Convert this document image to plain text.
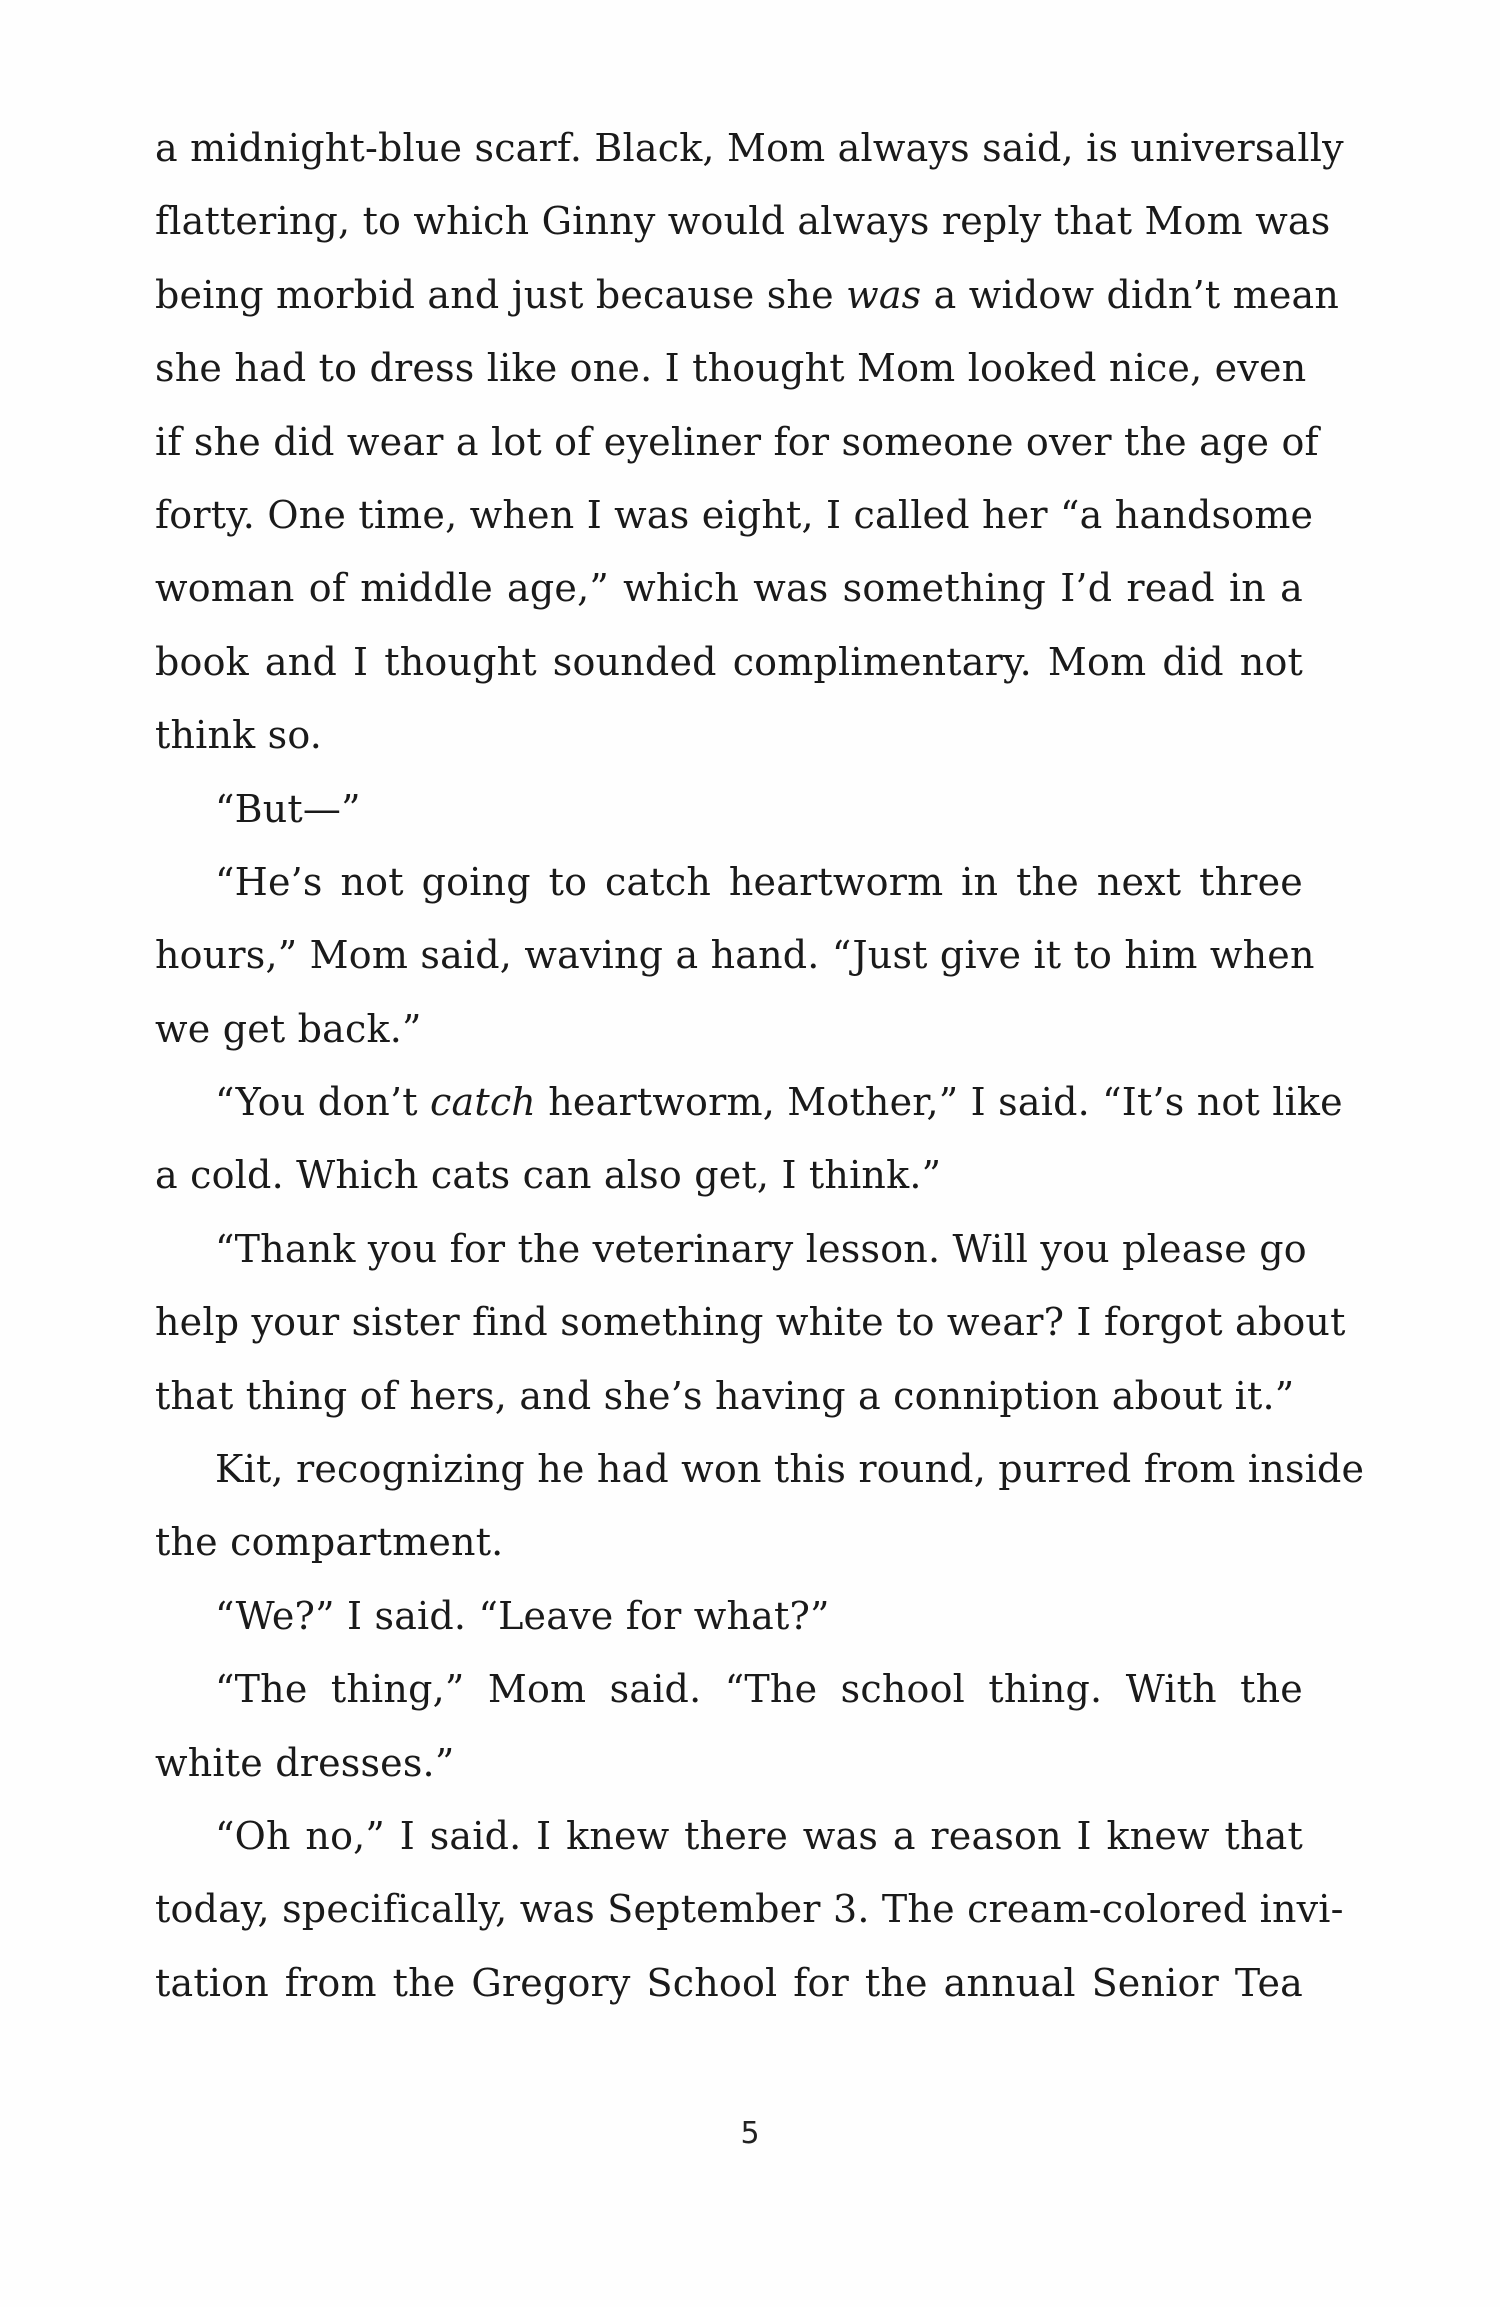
a midnight-blue scarf. Black, Mom always said, is universally
flattering, to which Ginny would always reply that Mom was
being morbid and just because she was a widow didn’t mean
she had to dress like one. I thought Mom looked nice, even
if she did wear a lot of eyeliner for someone over the age of
forty. One time, when I was eight, I called her “a handsome
woman of middle age,” which was something I’d read in a
book and I thought sounded complimentary. Mom did not
think so.
“But—”
“He’s not going to catch heartworm in the next three
hours,” Mom said, waving a hand. “Just give it to him when
we get back.”
“You don’t catch heartworm, Mother,” I said. “It’s not like
a cold. Which cats can also get, I think.”
“Thank you for the veterinary lesson. Will you please go
help your sister find something white to wear? I forgot about
that thing of hers, and she’s having a conniption about it.”
Kit, recognizing he had won this round, purred from inside
the compartment.
“We?” I said. “Leave for what?”
“The thing,” Mom said. “The school thing. With the
white dresses.”
“Oh no,” I said. I knew there was a reason I knew that
today, specifically, was September 3. The cream-colored invi-
tation from the Gregory School for the annual Senior Tea
5
